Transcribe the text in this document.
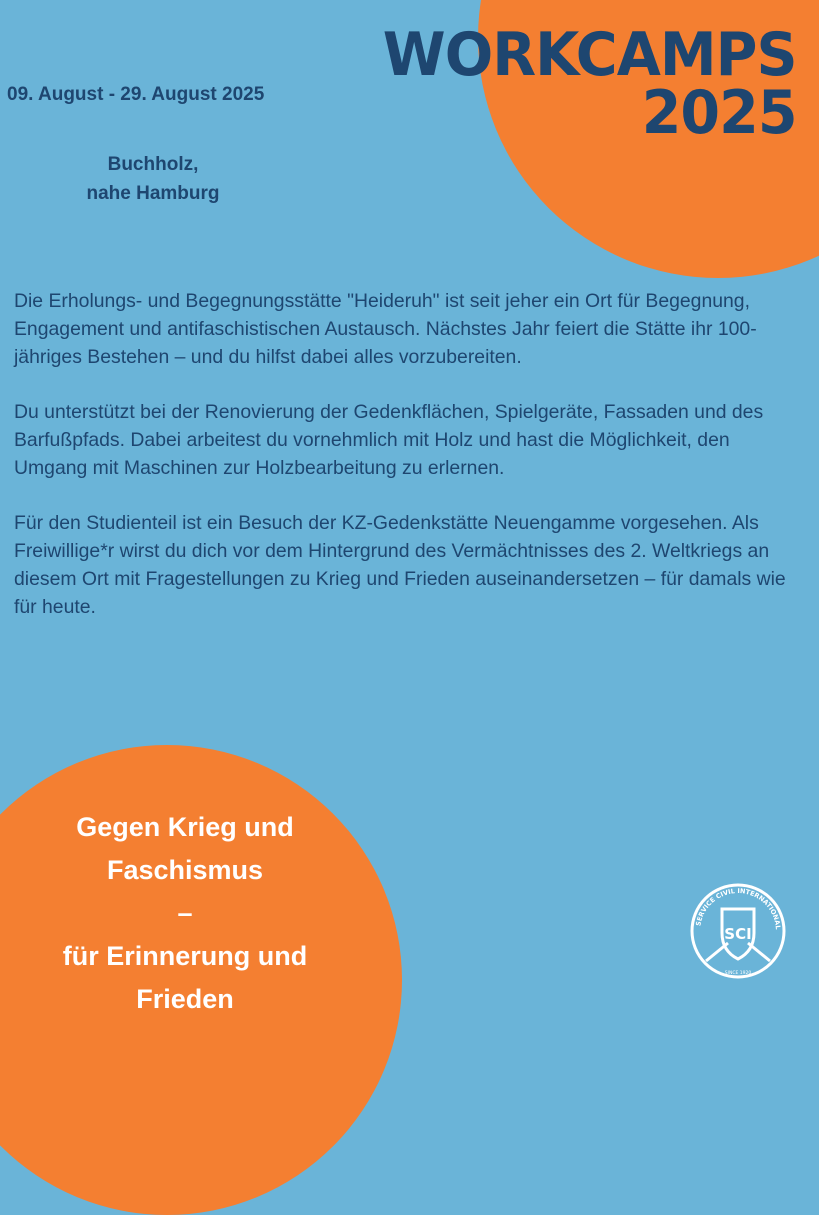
WORKCAMPS
2025
09. August - 29. August 2025
Buchholz,
nahe Hamburg

Die Erholungs- und Begegnungsstätte "Heideruh" ist seit jeher ein Ort für Begegnung, Engagement und antifaschistischen Austausch. Nächstes Jahr feiert die Stätte ihr 100-jähriges Bestehen – und du hilfst dabei alles vorzubereiten.

Du unterstützt bei der Renovierung der Gedenkflächen, Spielgeräte, Fassaden und des Barfußpfads. Dabei arbeitest du vornehmlich mit Holz und hast die Möglichkeit, den Umgang mit Maschinen zur Holzbearbeitung zu erlernen.

Für den Studienteil ist ein Besuch der KZ-Gedenkstätte Neuengamme vorgesehen. Als Freiwillige*r wirst du dich vor dem Hintergrund des Vermächtnisses des 2. Weltkriegs an diesem Ort mit Fragestellungen zu Krieg und Frieden auseinandersetzen – für damals wie für heute.

Gegen Krieg und
Faschismus
–
für Erinnerung und
Frieden
SERVICE CIVIL INTERNATIONAL
SCI
SINCE 1920
